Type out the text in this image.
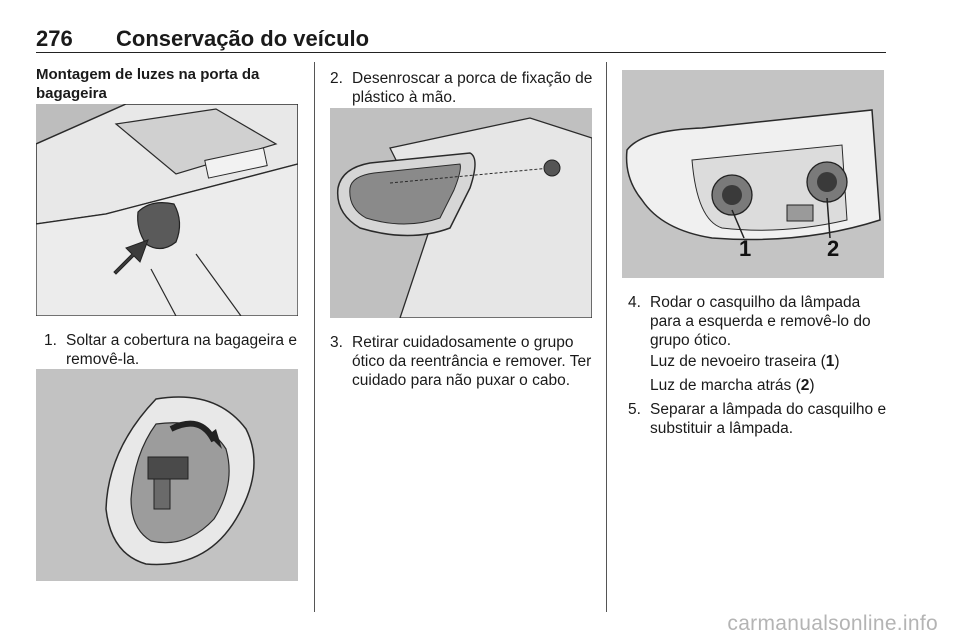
276 Conservação do veículo
Montagem de luzes na porta da bagageira
1. Soltar a cobertura na bagageira e removê-la.
2. Desenroscar a porca de fixação de plástico à mão.
3. Retirar cuidadosamente o grupo ótico da reentrância e remover. Ter cuidado para não puxar o cabo.
1	2
4. Rodar o casquilho da lâmpada para a esquerda e removê-lo do grupo ótico.
Luz de nevoeiro traseira (1)
Luz de marcha atrás (2)
5. Separar a lâmpada do casquilho e substituir a lâmpada.
carmanualsonline.info
